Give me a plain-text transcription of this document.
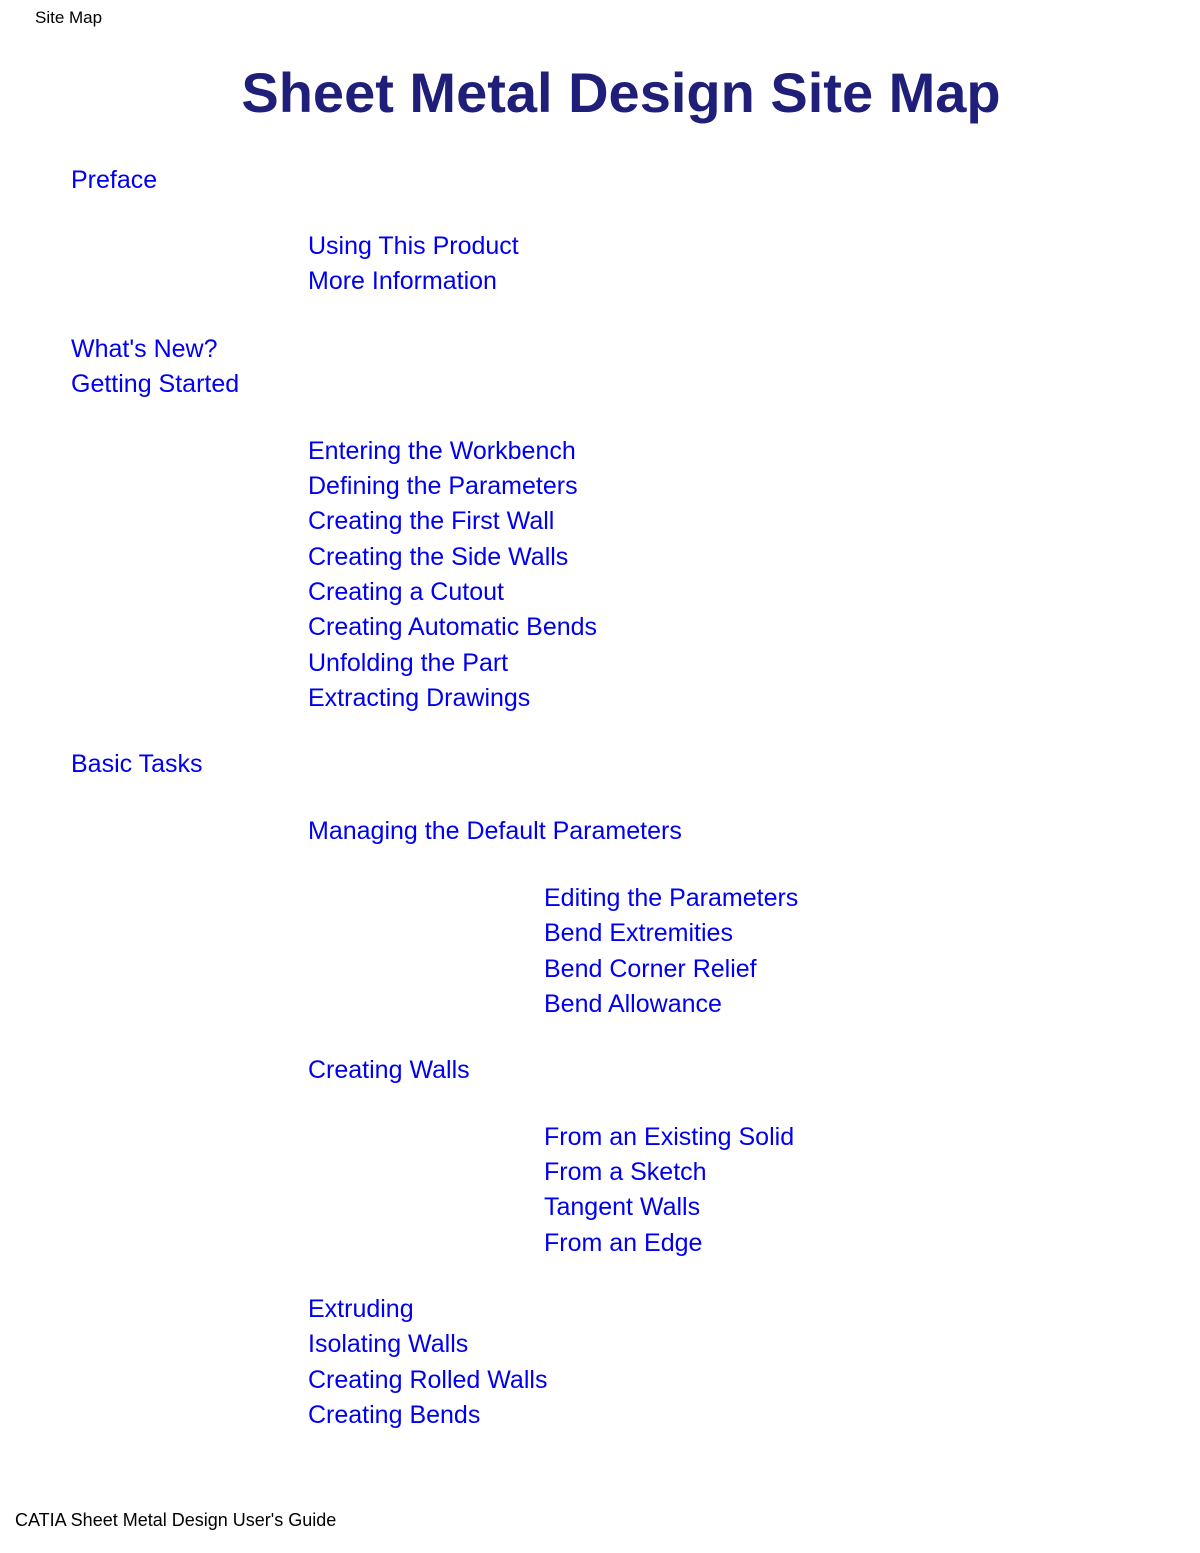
Site Map
Sheet Metal Design Site Map
Preface
Using This Product
More Information
What's New?
Getting Started
Entering the Workbench
Defining the Parameters
Creating the First Wall
Creating the Side Walls
Creating a Cutout
Creating Automatic Bends
Unfolding the Part
Extracting Drawings
Basic Tasks
Managing the Default Parameters
Editing the Parameters
Bend Extremities
Bend Corner Relief
Bend Allowance
Creating Walls
From an Existing Solid
From a Sketch
Tangent Walls
From an Edge
Extruding
Isolating Walls
Creating Rolled Walls
Creating Bends
CATIA Sheet Metal Design User's Guide
